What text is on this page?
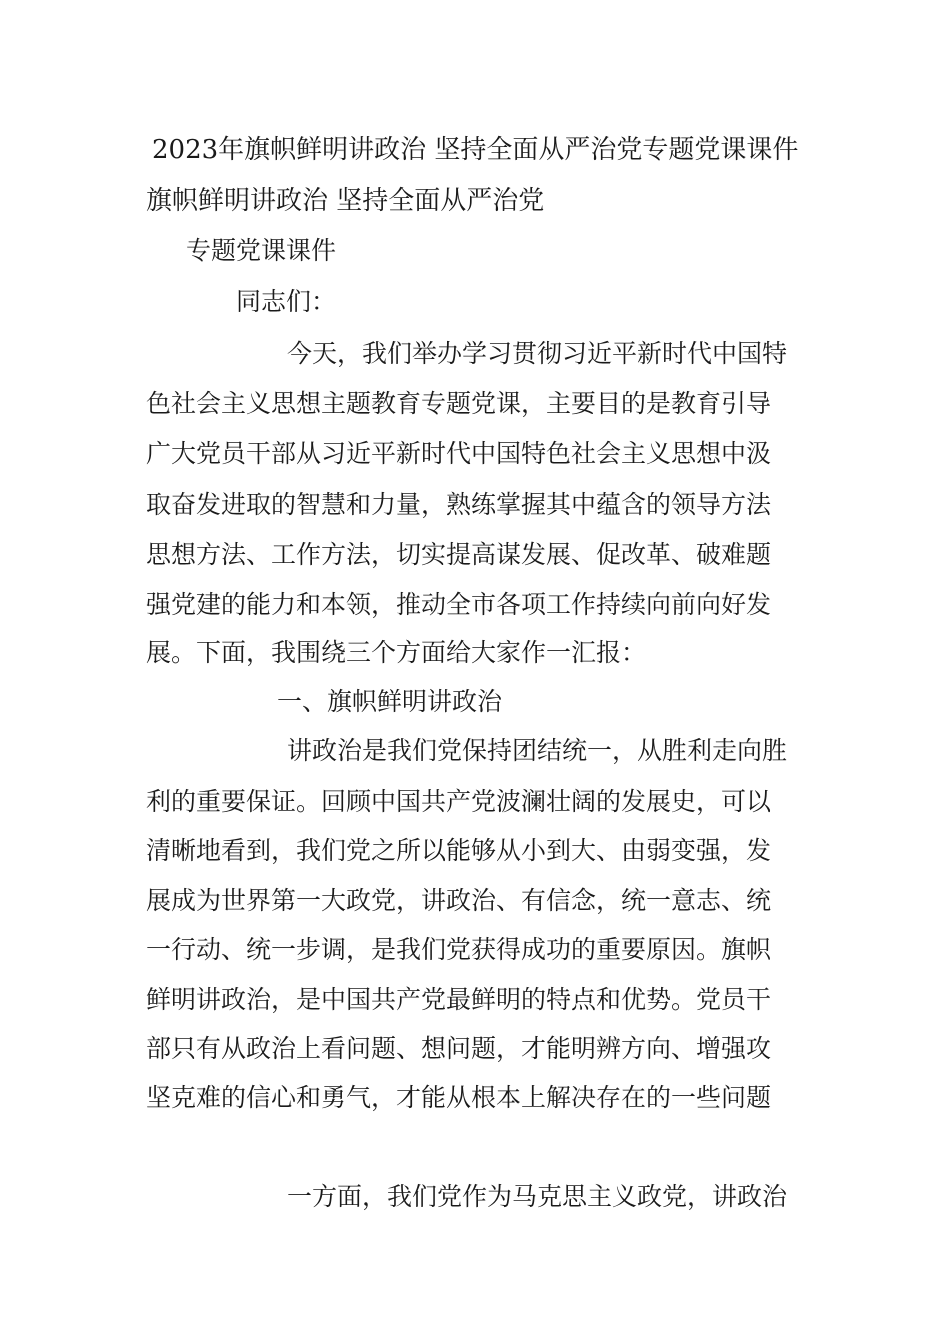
2023年旗帜鲜明讲政治 坚持全面从严治党专题党课课件
旗帜鲜明讲政治 坚持全面从严治党
专题党课课件
同志们：
今天，我们举办学习贯彻习近平新时代中国特
色社会主义思想主题教育专题党课，主要目的是教育引导
广大党员干部从习近平新时代中国特色社会主义思想中汲
取奋发进取的智慧和力量，熟练掌握其中蕴含的领导方法
思想方法、工作方法，切实提高谋发展、促改革、破难题
强党建的能力和本领，推动全市各项工作持续向前向好发
展。下面，我围绕三个方面给大家作一汇报：
一、旗帜鲜明讲政治
讲政治是我们党保持团结统一，从胜利走向胜
利的重要保证。回顾中国共产党波澜壮阔的发展史，可以
清晰地看到，我们党之所以能够从小到大、由弱变强，发
展成为世界第一大政党，讲政治、有信念，统一意志、统
一行动、统一步调，是我们党获得成功的重要原因。旗帜
鲜明讲政治，是中国共产党最鲜明的特点和优势。党员干
部只有从政治上看问题、想问题，才能明辨方向、增强攻
坚克难的信心和勇气，才能从根本上解决存在的一些问题
一方面，我们党作为马克思主义政党，讲政治
